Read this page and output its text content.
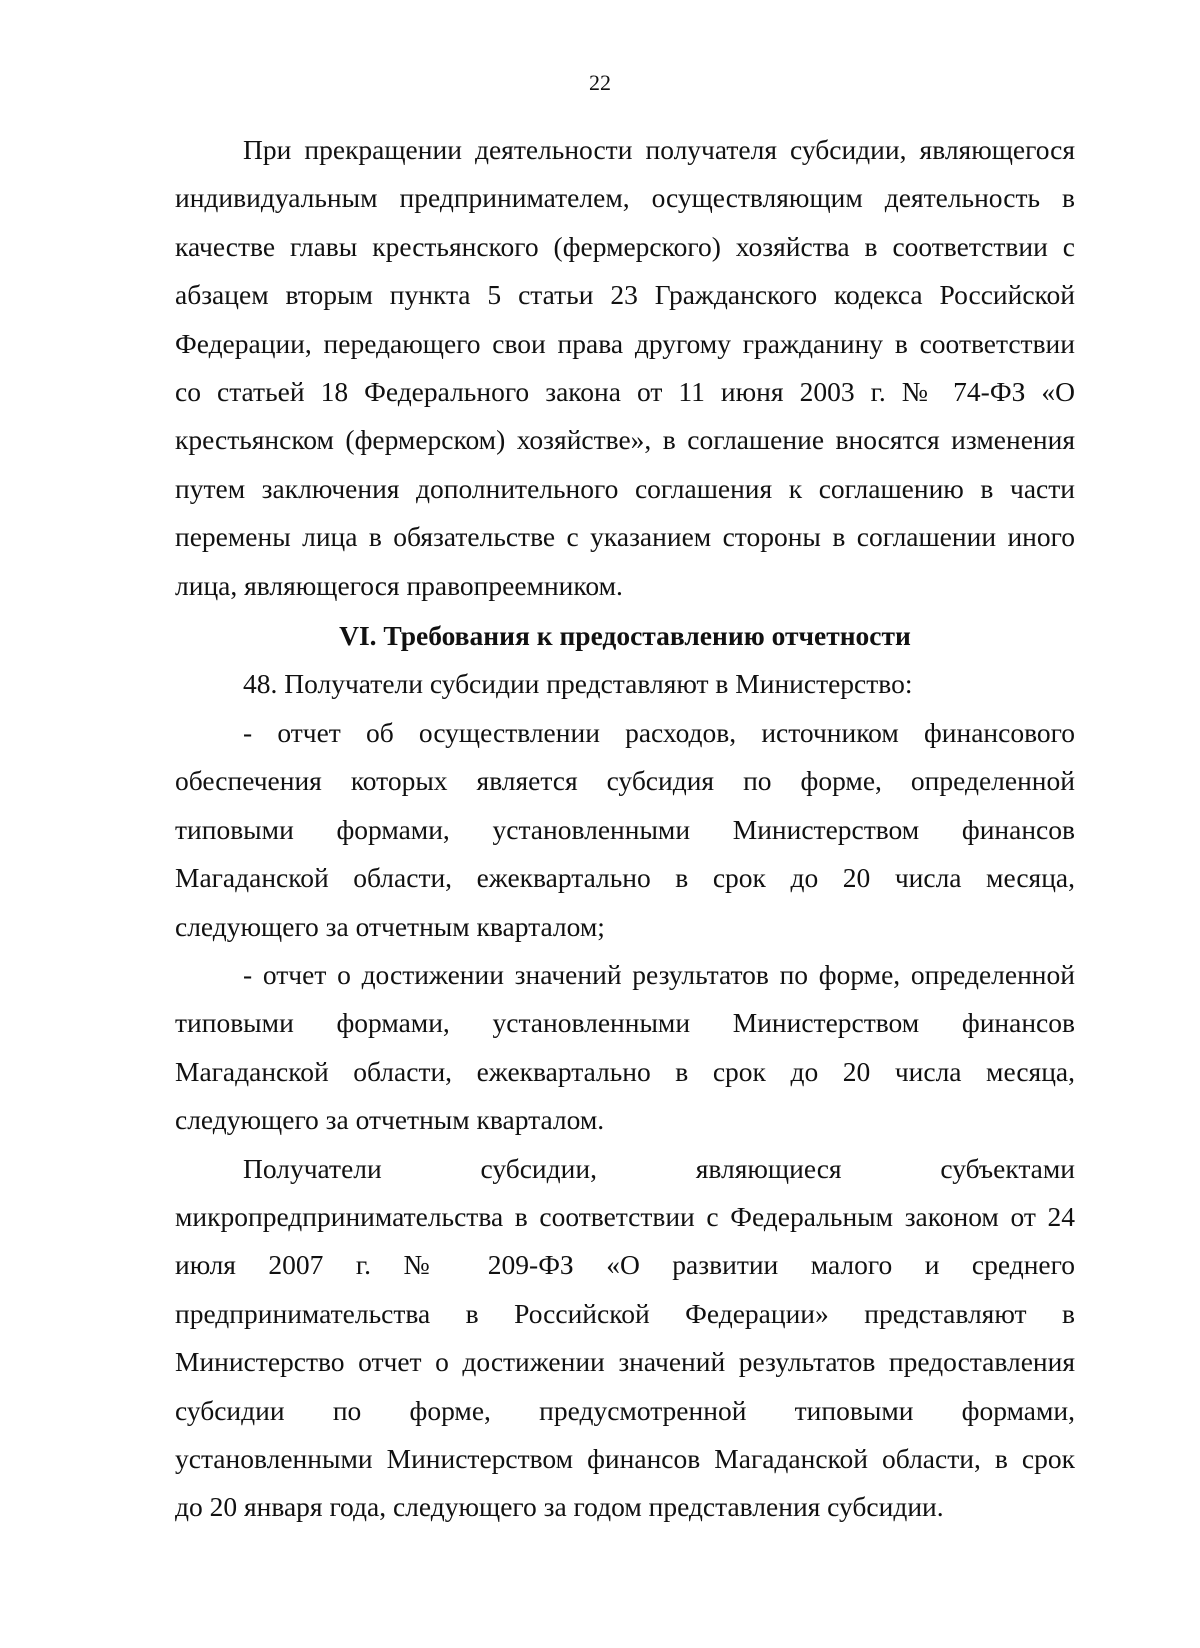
22
При прекращении деятельности получателя субсидии, являющегося
индивидуальным предпринимателем, осуществляющим деятельность в
качестве главы крестьянского (фермерского) хозяйства в соответствии с
абзацем вторым пункта 5 статьи 23 Гражданского кодекса Российской
Федерации, передающего свои права другому гражданину в соответствии
со статьей 18 Федерального закона от 11 июня 2003 г. № 74-ФЗ «О
крестьянском (фермерском) хозяйстве», в соглашение вносятся изменения
путем заключения дополнительного соглашения к соглашению в части
перемены лица в обязательстве с указанием стороны в соглашении иного
лица, являющегося правопреемником.
VI. Требования к предоставлению отчетности
48. Получатели субсидии представляют в Министерство:
- отчет об осуществлении расходов, источником финансового
обеспечения которых является субсидия по форме, определенной
типовыми формами, установленными Министерством финансов
Магаданской области, ежеквартально в срок до 20 числа месяца,
следующего за отчетным кварталом;
- отчет о достижении значений результатов по форме, определенной
типовыми формами, установленными Министерством финансов
Магаданской области, ежеквартально в срок до 20 числа месяца,
следующего за отчетным кварталом.
Получатели субсидии, являющиеся субъектами
микропредпринимательства в соответствии с Федеральным законом от 24
июля 2007 г. № 209-ФЗ «О развитии малого и среднего
предпринимательства в Российской Федерации» представляют в
Министерство отчет о достижении значений результатов предоставления
субсидии по форме, предусмотренной типовыми формами,
установленными Министерством финансов Магаданской области, в срок
до 20 января года, следующего за годом представления субсидии.
